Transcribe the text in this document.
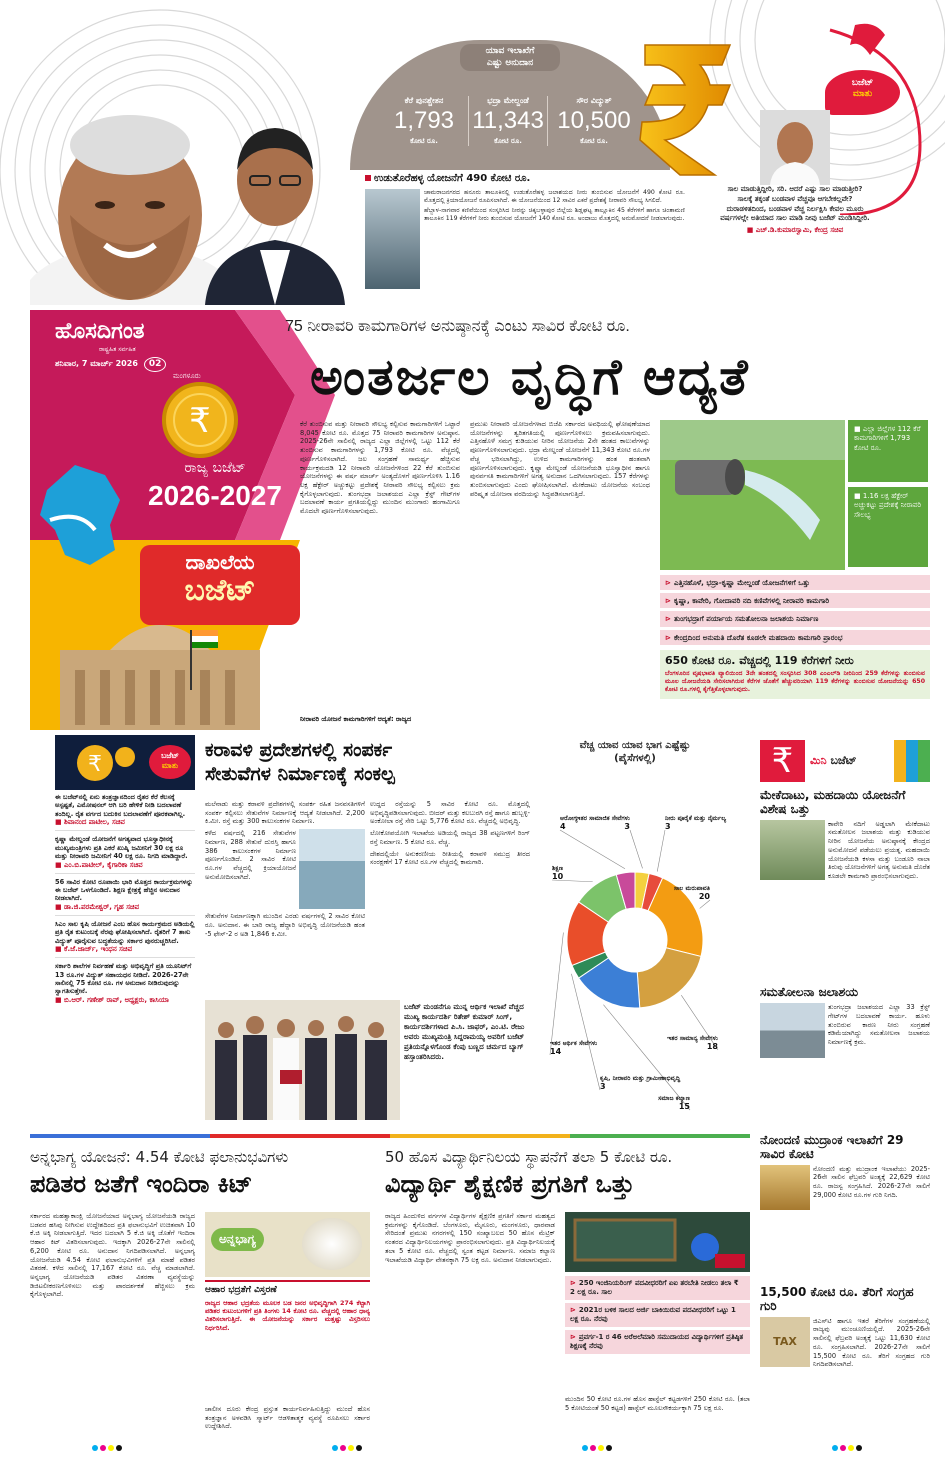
ಯಾವ ಇಲಾಖೆಗೆ
ಎಷ್ಟು ಅನುದಾನ
ಕೆರೆ ಪುನಶ್ಚೇತನ
1,793
ಕೋಟಿ ರೂ.
ಭದ್ರಾ ಮೇಲ್ದಂಡೆ
11,343
ಕೋಟಿ ರೂ.
ಸೌರ ವಿದ್ಯುತ್
10,500
ಕೋಟಿ ರೂ.
ಬಜೆಟ್
ಮಾತು
ಸಾಲ ಮಾಡುತ್ತಿದ್ದೀರಿ, ಸರಿ. ಆದರೆ ಎಷ್ಟು ಸಾಲ ಮಾಡುತ್ತೀರಿ? ಸಾಲಕ್ಕೆ ತಕ್ಕಂತೆ ಬಂಡವಾಳ ವೆಚ್ಚವೂ ಆಗಬೇಕಲ್ಲವೇ? ದುರಾಡಳಿತದಿಂದ, ಬಂಡವಾಳ ವೆಚ್ಚ ನಿರ್ಲಕ್ಷಿಸಿ ಕೇವಲ ಮೂರು ವರ್ಷಗಳಲ್ಲೇ ಅತಿಯಾದ ಸಾಲ ಮಾಡಿ ನೀವು ಬಜೆಟ್ ಮಂಡಿಸಿದ್ದೀರಿ.
■ ಎಚ್.ಡಿ.ಕುಮಾರಸ್ವಾಮಿ, ಕೇಂದ್ರ ಸಚಿವ
ಉಡುತೊರೆಹಳ್ಳ ಯೋಜನೆಗೆ 490 ಕೋಟಿ ರೂ.
ಚಾಮರಾಜನಗರದ ಹನೂರು ತಾಲೂಕಿನಲ್ಲಿ ಉಡುತೊರೆಹಳ್ಳ ಜಲಾಶಯದ ನೀರು ತುಂಬಿಸುವ ಯೋಜನೆಗೆ 490 ಕೋಟಿ ರೂ. ಮೊತ್ತದಲ್ಲಿ ಕ್ರಿಯಾಯೋಜನೆ ರೂಪಿಸಲಾಗಿದೆ. ಈ ಯೋಜನೆಯಿಂದ 12 ಸಾವಿರ ಎಕರೆ ಪ್ರದೇಶಕ್ಕೆ ನೀರಾವರಿ ಸೌಲಭ್ಯ ಸಿಗಲಿದೆ.
ಹೆಬ್ಬಾಳ-ನಾಗವಾರ ಕಣಿವೆಯಿಂದ ಸಂಸ್ಕರಿಸಿದ ನೀರನ್ನು ಚಿಕ್ಕಬಳ್ಳಾಪುರ ಜಿಲ್ಲೆಯ ಶಿಡ್ಲಘಟ್ಟ ತಾಲ್ಲೂಕಿನ 45 ಕೆರೆಗಳಿಗೆ ಹಾಗೂ ಚಿಂತಾಮಣಿ ತಾಲೂಕಿನ 119 ಕೆರೆಗಳಿಗೆ ನೀರು ತುಂಬಿಸುವ ಯೋಜನೆಗೆ 140 ಕೋಟಿ ರೂ. ಅಂದಾಜು ಮೊತ್ತದಲ್ಲಿ ಅನುಮೋದನೆ ನೀಡಲಾಗುವುದು.
ಹೊಸದಿಗಂತ
ರಾಷ್ಟ್ರಹಿತ ಸರ್ವಹಿತ
ಶನಿವಾರ, 7 ಮಾರ್ಚ್ 2026	02
ಮಂಗಳೂರು
₹
ರಾಜ್ಯ ಬಜೆಟ್
2026-2027
ದಾಖಲೆಯ
ಬಜೆಟ್
75 ನೀರಾವರಿ ಕಾಮಗಾರಿಗಳ ಅನುಷ್ಠಾನಕ್ಕೆ ಎಂಟು ಸಾವಿರ ಕೋಟಿ ರೂ.
ಅಂತರ್ಜಲ ವೃದ್ಧಿಗೆ ಆದ್ಯತೆ
ಕೆರೆ ತುಂಬಿಸುವ ಮತ್ತು ನೀರಾವರಿ ಸೌಲಭ್ಯ ಕಲ್ಪಿಸುವ ಕಾಮಗಾರಿಗಳಿಗೆ ಒಟ್ಟಾರೆ 8,045 ಕೋಟಿ ರೂ. ಮೊತ್ತದ 75 ನೀರಾವರಿ ಕಾಮಗಾರಿಗಳ ಅನುಷ್ಠಾನ. 2025-26ನೇ ಸಾಲಿನಲ್ಲಿ ರಾಜ್ಯದ ಎಲ್ಲಾ ಜಿಲ್ಲೆಗಳಲ್ಲಿ ಒಟ್ಟು 112 ಕೆರೆ ತುಂಬಿಸುವ ಕಾಮಗಾರಿಗಳನ್ನು 1,793 ಕೋಟಿ ರೂ. ವೆಚ್ಚದಲ್ಲಿ ಪೂರ್ಣಗೊಳಿಸಲಾಗಿದೆ. ಜಲ ಸಂಗ್ರಹಣೆ ಸಾಮರ್ಥ್ಯ ಹೆಚ್ಚಿಸುವ ಕಾರ್ಯಕ್ರಮದಡಿ 12 ನೀರಾವರಿ ಯೋಜನೆಗಳಿಂದ 22 ಕೆರೆ ತುಂಬಿಸುವ ಯೋಜನೆಗಳನ್ನು ಈ ವರ್ಷ ಮಾರ್ಚ್ ಅಂತ್ಯದೊಳಗೆ ಪೂರ್ಣಗೊಳಿಸಿ 1.16 ಲಕ್ಷ ಹೆಕ್ಟೇರ್ ಅಚ್ಚುಕಟ್ಟು ಪ್ರದೇಶಕ್ಕೆ ನೀರಾವರಿ ಸೌಲಭ್ಯ ಕಲ್ಪಿಸಲು ಕ್ರಮ ಕೈಗೊಳ್ಳಲಾಗುವುದು. ತುಂಗಭದ್ರಾ ಜಲಾಶಯದ ಎಲ್ಲಾ ಕ್ರೆಸ್ಟ್ ಗೇಟ್‌ಗಳ ಬದಲಾವಣೆ ಕಾರ್ಯ ಪ್ರಗತಿಯಲ್ಲಿದ್ದು ಮುಂದಿನ ಮುಂಗಾರು ಹಂಗಾಮಿಗೂ ಮೊದಲೇ ಪೂರ್ಣಗೊಳಿಸಲಾಗುವುದು.
ನೀರಾವರಿ ಯೋಜನೆ ಕಾಮಗಾರಿಗಳಿಗೆ ಆದ್ಯತೆ: ರಾಜ್ಯದ
ಪ್ರಮುಖ ನೀರಾವರಿ ಯೋಜನೆಗಳಾದ ಬಿಜೆಪಿ ಸರ್ಕಾರದ ಅವಧಿಯಲ್ಲಿ ಘೋಷಣೆಯಾದ ಯೋಜನೆಗಳನ್ನು ತ್ವರಿತಗತಿಯಲ್ಲಿ ಪೂರ್ಣಗೊಳಿಸಲು ಕ್ರಮವಹಿಸಲಾಗುವುದು. ಎತ್ತಿನಹೊಳೆ ಸಮಗ್ರ ಕುಡಿಯುವ ನೀರಿನ ಯೋಜನೆಯ 2ನೇ ಹಂತದ ಕಾಲುವೆಗಳನ್ನು ಪೂರ್ಣಗೊಳಿಸಲಾಗುವುದು. ಭದ್ರಾ ಮೇಲ್ದಂಡೆ ಯೋಜನೆಗೆ 11,343 ಕೋಟಿ ರೂ.ಗಳ ವೆಚ್ಚ ಭರಿಸಲಾಗಿದ್ದು, ಉಳಿದ ಕಾಮಗಾರಿಗಳನ್ನು ಹಂತ ಹಂತವಾಗಿ ಪೂರ್ಣಗೊಳಿಸಲಾಗುವುದು. ಕೃಷ್ಣಾ ಮೇಲ್ದಂಡೆ ಯೋಜನೆಯಡಿ ಭೂಸ್ವಾಧೀನ ಹಾಗೂ ಪುನರ್ವಸತಿ ಕಾಮಗಾರಿಗಳಿಗೆ ಅಗತ್ಯ ಅನುದಾನ ಒದಗಿಸಲಾಗುವುದು. 157 ಕೆರೆಗಳನ್ನು ತುಂಬಿಸಲಾಗುವುದು ಎಂದು ಘೋಷಿಸಲಾಗಿದೆ. ಮೇಕೆದಾಟು ಯೋಜನೆಯ ಸಂಬಂಧ ಪರಿಷ್ಕೃತ ಯೋಜನಾ ವರದಿಯನ್ನು ಸಿದ್ಧಪಡಿಸಲಾಗುತ್ತಿದೆ.
■ ಎಲ್ಲಾ ಜಿಲ್ಲೆಗಳ 112 ಕೆರೆ ಕಾಮಗಾರಿಗಳಿಗೆ 1,793 ಕೋಟಿ ರೂ.
■ 1.16 ಲಕ್ಷ ಹೆಕ್ಟೇರ್ ಅಚ್ಚುಕಟ್ಟು ಪ್ರದೇಶಕ್ಕೆ ನೀರಾವರಿ ಸೌಲಭ್ಯ
⊳ ಎತ್ತಿನಹೊಳೆ, ಭದ್ರಾ-ಕೃಷ್ಣಾ ಮೇಲ್ದಂಡೆ ಯೋಜನೆಗಳಿಗೆ ಒತ್ತು
⊳ ಕೃಷ್ಣಾ, ಕಾವೇರಿ, ಗೋದಾವರಿ ನದಿ ಕಣಿವೆಗಳಲ್ಲಿ ನೀರಾವರಿ ಕಾಮಗಾರಿ
⊳ ತುಂಗಭದ್ರಾಗೆ ಪರ್ಯಾಯ ಸಮತೋಲನಾ ಜಲಾಶಯ ನಿರ್ಮಾಣ
⊳ ಕೇಂದ್ರದಿಂದ ಅನುಮತಿ ದೊರೆತ ಕೂಡಲೇ ಮಹದಾಯಿ ಕಾಮಗಾರಿ ಪ್ರಾರಂಭ
650 ಕೋಟಿ ರೂ. ವೆಚ್ಚದಲ್ಲಿ 119 ಕೆರೆಗಳಿಗೆ ನೀರು
ಬೆಂಗಳೂರಿನ ವೃಷಭಾವತಿ ವ್ಯಾಲಿಯಿಂದ 3ನೇ ಹಂತದಲ್ಲಿ ಸಂಸ್ಕರಿಸಿದ 308 ಎಂಎಲ್‌ಡಿ ನೀರಿನಿಂದ 259 ಕೆರೆಗಳನ್ನು ತುಂಬಿಸುವ ಮೂಲ ಯೋಜನೆಯಡಿ ಸೇರಿಸಲಾಗಿರುವ ಕೆರೆಗಳ ಜೊತೆಗೆ ಹೆಚ್ಚುವರಿಯಾಗಿ 119 ಕೆರೆಗಳನ್ನು ತುಂಬಿಸುವ ಯೋಜನೆಯನ್ನು 650 ಕೋಟಿ ರೂ.ಗಳಲ್ಲಿ ಕೈಗೆತ್ತಿಕೊಳ್ಳಲಾಗುವುದು.
₹	ಬಜೆಟ್
ಮಾತು
ಈ ಬಜೆಟ್‌ನಲ್ಲಿ ಏನು ತಂತ್ರಜ್ಞಾನದಿಂದ ರೈತರ ಕೆರೆ ಕೆಲಸಕ್ಕೆ ಅಸ್ಪಷ್ಟತೆ, ಎಮೋಷನಲ್ ಆಗಿ ಬರಿ ಹೇಳಿಕೆ ನೀಡಿ ಬದಲಾವಣೆ ತಂದಿಲ್ಲ. ರೈತ ವರ್ಗದ ಬದುಕಿನ ಬದಲಾವಣೆಗೆ ಪೂರಕವಾಗಿಲ್ಲ.
■ ಶಿವಾನಂದ ಪಾಟೀಲ, ಸಚಿವ
ಕೃಷ್ಣಾ ಮೇಲ್ದಂಡೆ ಯೋಜನೆಗೆ ಅಗತ್ಯವಾದ ಭೂಸ್ವಾಧೀನಕ್ಕೆ ಮುಖ್ಯಮಂತ್ರಿಗಳು ಪ್ರತಿ ಎಕರೆ ಖುಷ್ಕಿ ಜಮೀನಿಗೆ 30 ಲಕ್ಷ ರೂ ಮತ್ತು ನೀರಾವರಿ ಜಮೀನಿಗೆ 40 ಲಕ್ಷ ರೂ. ನಿಗದಿ ಮಾಡಿದ್ದಾರೆ.
■ ಎಂ.ಬಿ.ಪಾಟೀಲ್, ಕೈಗಾರಿಕಾ ಸಚಿವ
56 ಸಾವಿರ ಕೋಟಿ ರೂಪಾಯಿ ಭಾರಿ ಮೊತ್ತದ ಕಾರ್ಯಕ್ರಮಗಳನ್ನು ಈ ಬಜೆಟ್ ಒಳಗೊಂಡಿದೆ. ಶಿಕ್ಷಣ ಕ್ಷೇತ್ರಕ್ಕೆ ಹೆಚ್ಚಿನ ಅನುದಾನ ನೀಡಲಾಗಿದೆ.
■ ಡಾ.ಜಿ.ಪರಮೇಶ್ವರ್, ಗೃಹ ಸಚಿವ
ಸಿಎಂ ಸಾಲ ಕೃಷಿ ಯೋಜನೆ ಎಂಬ ಹೊಸ ಕಾರ್ಯಕ್ರಮದ ಅಡಿಯಲ್ಲಿ ಪ್ರತಿ ರೈತ ಕುಟುಂಬಕ್ಕೆ ನೆರವು ಘೋಷಿಸಲಾಗಿದೆ. ರೈತರಿಗೆ 7 ತಾಸು ವಿದ್ಯುತ್ ಪೂರೈಸುವ ಬದ್ಧತೆಯನ್ನು ಸರ್ಕಾರ ಪುನರುಚ್ಚರಿಸಿದೆ.
■ ಕೆ.ಜೆ.ಜಾರ್ಜ್, ಇಂಧನ ಸಚಿವ
ಸರ್ಕಾರಿ ಶಾಲೆಗಳ ನಿರ್ವಹಣೆ ಮತ್ತು ಅಭಿವೃದ್ಧಿಗೆ ಪ್ರತಿ ಯೂನಿಟ್‌ಗೆ 13 ರೂ.ಗಳ ವಿದ್ಯುತ್ ಸಹಾಯಧನ ನೀಡಿದೆ. 2026-27ನೇ ಸಾಲಿನಲ್ಲಿ 75 ಕೋಟಿ ರೂ. ಗಳ ಅನುದಾನ ನೀಡಿರುವುದನ್ನು ಸ್ವಾಗತಿಸುತ್ತೇನೆ.
■ ಬಿ.ಆರ್. ಗಣೇಶ್ ರಾವ್, ಅಧ್ಯಕ್ಷರು, ಕಾಸಿಯಾ
ಕರಾವಳಿ ಪ್ರದೇಶಗಳಲ್ಲಿ ಸಂಪರ್ಕ
ಸೇತುವೆಗಳ ನಿರ್ಮಾಣಕ್ಕೆ ಸಂಕಲ್ಪ
ಮಲೆನಾಡು ಮತ್ತು ಕರಾವಳಿ ಪ್ರದೇಶಗಳಲ್ಲಿ ಸಂಪರ್ಕ ರಹಿತ ಜನವಸತಿಗಳಿಗೆ ಸಂಪರ್ಕ ಕಲ್ಪಿಸಲು ಸೇತುವೆಗಳ ನಿರ್ಮಾಣಕ್ಕೆ ಆದ್ಯತೆ ನೀಡಲಾಗಿದೆ. 2,200 ಕಿ.ಮೀ. ರಸ್ತೆ ಮತ್ತು 300 ಕಾಲುಸಂಕಗಳ ನಿರ್ಮಾಣ.
ಕಳೆದ ವರ್ಷದಲ್ಲಿ 216 ಸೇತುವೆಗಳ ನಿರ್ಮಾಣ, 288 ಸೇತುವೆ ದುರಸ್ತಿ ಹಾಗೂ 386 ಕಾಲುಸಂಕಗಳ ನಿರ್ಮಾಣ ಪೂರ್ಣಗೊಂಡಿದೆ. 2 ಸಾವಿರ ಕೋಟಿ ರೂ.ಗಳ ವೆಚ್ಚದಲ್ಲಿ ಕ್ರಿಯಾಯೋಜನೆ ಅನುಮೋದಿಸಲಾಗಿದೆ.
ಸೇತುವೆಗಳ ನಿರ್ಮಾಣಕ್ಕಾಗಿ ಮುಂದಿನ ಎರಡು ವರ್ಷಗಳಲ್ಲಿ 2 ಸಾವಿರ ಕೋಟಿ ರೂ. ಅನುದಾನ. ಈ ಬಾರಿ ರಾಜ್ಯ ಹೆದ್ದಾರಿ ಅಭಿವೃದ್ಧಿ ಯೋಜನೆಯಡಿ ಹಂತ -5 ಫೇಸ್-2 ರ ಅಡಿ 1,846 ಕಿ.ಮೀ.
ಉದ್ದದ ರಸ್ತೆಯನ್ನು 5 ಸಾವಿರ ಕೋಟಿ ರೂ. ಮೊತ್ತದಲ್ಲಿ ಅಭಿವೃದ್ಧಿಪಡಿಸಲಾಗುವುದು. ಬೀದರ್ ಮತ್ತು ಕಲಬುರಗಿ ರಸ್ತೆ ಹಾಗೂ ಹುಬ್ಬಳ್ಳಿ-ಅಂಕೋಲಾ ರಸ್ತೆ ಸೇರಿ ಒಟ್ಟು 5,776 ಕೋಟಿ ರೂ. ವೆಚ್ಚದಲ್ಲಿ ಅಭಿವೃದ್ಧಿ.
ಲೋಕೋಪಯೋಗಿ ಇಲಾಖೆಯ ಅಡಿಯಲ್ಲಿ ರಾಜ್ಯದ 38 ಪಟ್ಟಣಗಳಿಗೆ ರಿಂಗ್ ರಸ್ತೆ ನಿರ್ಮಾಣ. 5 ಕೋಟಿ ರೂ. ವೆಚ್ಚ.
ದೇಶದಲ್ಲಿಯೇ ಅನುಕರಣೀಯ ರೀತಿಯಲ್ಲಿ ಕರಾವಳಿ ಸಮುದ್ರ ತೀರದ ಸಂರಕ್ಷಣೆಗೆ 17 ಕೋಟಿ ರೂ.ಗಳ ವೆಚ್ಚದಲ್ಲಿ ಕಾಮಗಾರಿ.
ಬಜೆಟ್ ಮಂಡನೆಗೂ ಮುನ್ನ ಆರ್ಥಿಕ ಇಲಾಖೆ ವೆಚ್ಚದ ಮುಖ್ಯ ಕಾರ್ಯದರ್ಶಿ ರಿತೇಶ್ ಕುಮಾರ್ ಸಿಂಗ್, ಕಾರ್ಯದರ್ಶಿಗಳಾದ ಪಿ.ಸಿ. ಜಾಫರ್, ಎಂ.ಟಿ. ರೇಜು ಅವರು ಮುಖ್ಯಮಂತ್ರಿ ಸಿದ್ದರಾಮಯ್ಯ ಅವರಿಗೆ ಬಜೆಟ್ ಪ್ರತಿಯನ್ನೊಳಗೊಂಡ ಕೆಂಪು ಬಣ್ಣದ ಚರ್ಮದ ಬ್ಯಾಗ್ ಹಸ್ತಾಂತರಿಸಿದರು.
ವೆಚ್ಚ ಯಾವ ಯಾವ ಭಾಗ ಎಷ್ಟೆಷ್ಟು (ಪೈಸೆಗಳಲ್ಲಿ)
ಇತರ ಸಾಮಾಜಿಕ ಸೇವೆಗಳು
3
ನೀರು ಪೂರೈಕೆ ಮತ್ತು ನೈರ್ಮಲ್ಯ
3
ಸಾಲ ಮರುಪಾವತಿ
20
ಇತರ ಸಾಮಾನ್ಯ ಸೇವೆಗಳು
18
ಸಮಾಜ ಕಲ್ಯಾಣ
15
ಕೃಷಿ, ನೀರಾವರಿ ಮತ್ತು ಗ್ರಾಮೀಣಾಭಿವೃದ್ಧಿ
3
ಇತರ ಆರ್ಥಿಕ ಸೇವೆಗಳು
14
ಶಿಕ್ಷಣ
10
ಆರೋಗ್ಯ
4
₹	ಮಿನಿ
ಬಜೆಟ್
ಮೇಕೆದಾಟು, ಮಹದಾಯಿ ಯೋಜನೆಗೆ ವಿಶೇಷ ಒತ್ತು
ಕಾವೇರಿ ನದಿಗೆ ಅಡ್ಡಲಾಗಿ ಮೇಕೆದಾಟು ಸಮತೋಲನ ಜಲಾಶಯ ಮತ್ತು ಕುಡಿಯುವ ನೀರಿನ ಯೋಜನೆಯ ಅನುಷ್ಠಾನಕ್ಕೆ ಕೇಂದ್ರದ ಅನುಮೋದನೆ ಪಡೆಯಲು ಪ್ರಯತ್ನ. ಮಹದಾಯಿ ಯೋಜನೆಯಡಿ ಕಳಸಾ ಮತ್ತು ಬಂಡೂರಿ ನಾಲಾ ತಿರುವು ಯೋಜನೆಗಳಿಗೆ ಅಗತ್ಯ ಅನುಮತಿ ದೊರೆತ ಕೂಡಲೇ ಕಾಮಗಾರಿ ಪ್ರಾರಂಭಿಸಲಾಗುವುದು.
ಸಮತೋಲನಾ ಜಲಾಶಯ
ತುಂಗಭದ್ರಾ ಜಲಾಶಯದ ಎಲ್ಲಾ 33 ಕ್ರೆಸ್ಟ್ ಗೇಟ್‌ಗಳ ಬದಲಾವಣೆ ಕಾರ್ಯ. ಹೂಳು ತುಂಬಿರುವ ಕಾರಣ ನೀರು ಸಂಗ್ರಹಣೆ ಕಡಿಮೆಯಾಗಿದ್ದು ಸಮತೋಲನಾ ಜಲಾಶಯ ನಿರ್ಮಾಣಕ್ಕೆ ಕ್ರಮ.
ನೋಂದಣಿ ಮುದ್ರಾಂಕ ಇಲಾಖೆಗೆ 29 ಸಾವಿರ ಕೋಟಿ
ನೋಂದಣಿ ಮತ್ತು ಮುದ್ರಾಂಕ ಇಲಾಖೆಯು 2025-26ನೇ ಸಾಲಿನ ಫೆಬ್ರವರಿ ಅಂತ್ಯಕ್ಕೆ 22,629 ಕೋಟಿ ರೂ. ರಾಜಸ್ವ ಸಂಗ್ರಹಿಸಿದೆ. 2026-27ನೇ ಸಾಲಿಗೆ 29,000 ಕೋಟಿ ರೂ.ಗಳ ಗುರಿ ನಿಗದಿ.
15,500 ಕೋಟಿ ರೂ. ತೆರಿಗೆ ಸಂಗ್ರಹ ಗುರಿ
TAX
ಜಿಎಸ್‌ಟಿ ಹಾಗೂ ಇತರೆ ತೆರಿಗೆಗಳ ಸಂಗ್ರಹಣೆಯಲ್ಲಿ ರಾಜ್ಯವು ಮುಂಚೂಣಿಯಲ್ಲಿದೆ. 2025-26ನೇ ಸಾಲಿನಲ್ಲಿ ಫೆಬ್ರವರಿ ಅಂತ್ಯಕ್ಕೆ ಒಟ್ಟು 11,630 ಕೋಟಿ ರೂ. ಸಂಗ್ರಹಿಸಲಾಗಿದೆ. 2026-27ನೇ ಸಾಲಿಗೆ 15,500 ಕೋಟಿ ರೂ. ತೆರಿಗೆ ಸಂಗ್ರಹದ ಗುರಿ ನಿಗದಿಪಡಿಸಲಾಗಿದೆ.
ಅನ್ನಭಾಗ್ಯ ಯೋಜನೆ: 4.54 ಕೋಟಿ ಫಲಾನುಭವಿಗಳು
ಪಡಿತರ ಜತೆಗೆ ಇಂದಿರಾ ಕಿಟ್
ಸರ್ಕಾರದ ಮಹತ್ವಾಕಾಂಕ್ಷಿ ಯೋಜನೆಯಾದ ಅನ್ನಭಾಗ್ಯ ಯೋಜನೆಯಡಿ ರಾಜ್ಯದ ಬಡವರ ಹಸಿವು ನೀಗಿಸುವ ಉದ್ದೇಶದಿಂದ ಪ್ರತಿ ಫಲಾನುಭವಿಗೆ ಉಚಿತವಾಗಿ 10 ಕೆ.ಜಿ ಅಕ್ಕಿ ನೀಡಲಾಗುತ್ತಿದೆ. ಇದರ ಬದಲಾಗಿ 5 ಕೆ.ಜಿ ಅಕ್ಕಿ ಜೊತೆಗೆ ಇಂದಿರಾ ಆಹಾರ ಕಿಟ್ ವಿತರಿಸಲಾಗುವುದು. ಇದಕ್ಕಾಗಿ 2026-27ನೇ ಸಾಲಿನಲ್ಲಿ 6,200 ಕೋಟಿ ರೂ. ಅನುದಾನ ನಿಗದಿಪಡಿಸಲಾಗಿದೆ. ಅನ್ನಭಾಗ್ಯ ಯೋಜನೆಯಡಿ 4.54 ಕೋಟಿ ಫಲಾನುಭವಿಗಳಿಗೆ ಪ್ರತಿ ಮಾಹೆ ಪಡಿತರ ವಿತರಣೆ. ಕಳೆದ ಸಾಲಿನಲ್ಲಿ 17,167 ಕೋಟಿ ರೂ. ವೆಚ್ಚ ಮಾಡಲಾಗಿದೆ. ಅನ್ನಭಾಗ್ಯ ಯೋಜನೆಯಡಿ ಪಡಿತರ ವಿತರಣಾ ವ್ಯವಸ್ಥೆಯನ್ನು ಡಿಜಿಟಲೀಕರಣಗೊಳಿಸಲು ಮತ್ತು ಪಾರದರ್ಶಕತೆ ಹೆಚ್ಚಿಸಲು ಕ್ರಮ ಕೈಗೊಳ್ಳಲಾಗಿದೆ.
ಅನ್ನಭಾಗ್ಯ
ಆಹಾರ ಭದ್ರತೆಗೆ ವಿಸ್ತರಣೆ
ರಾಜ್ಯದ ಆಹಾರ ಭದ್ರತೆಯ ಮೂಲಕ ಬಡ ಜನರ ಅಭಿವೃದ್ಧಿಗಾಗಿ 274 ಕೆಟ್ಟಾಗಿ ಪಡಿತರ ಕುಟುಂಬಗಳಿಗೆ ಪ್ರತಿ ತಿಂಗಳು 14 ಕೋಟಿ ರೂ. ವೆಚ್ಚದಲ್ಲಿ ಆಹಾರ ಧಾನ್ಯ ವಿತರಿಸಲಾಗುತ್ತಿದೆ. ಈ ಯೋಜನೆಯನ್ನು ಸರ್ಕಾರ ಮತ್ತಷ್ಟು ವಿಸ್ತರಿಸಲು ನಿರ್ಧರಿಸಿದೆ.
ಚಾಲೀಸ ದೂರು ಕೇಂದ್ರ ಪ್ರಸ್ತುತ ಕಾರ್ಯನಿರ್ವಹಿಸುತ್ತಿದ್ದು ಮುಂದೆ ಹೊಸ ತಂತ್ರಜ್ಞಾನ ಅಳವಡಿಸಿ ಸ್ಮಾರ್ಟ್ ಆಡಳಿತಾತ್ಮಕ ವ್ಯವಸ್ಥೆ ರೂಪಿಸಲು ಸರ್ಕಾರ ಉದ್ದೇಶಿಸಿದೆ.
50 ಹೊಸ ವಿದ್ಯಾರ್ಥಿನಿಲಯ ಸ್ಥಾಪನೆಗೆ ತಲಾ 5 ಕೋಟಿ ರೂ.
ವಿದ್ಯಾರ್ಥಿ ಶೈಕ್ಷಣಿಕ ಪ್ರಗತಿಗೆ ಒತ್ತು
ರಾಜ್ಯದ ಹಿಂದುಳಿದ ವರ್ಗಗಳ ವಿದ್ಯಾರ್ಥಿಗಳ ಶೈಕ್ಷಣಿಕ ಪ್ರಗತಿಗೆ ಸರ್ಕಾರ ಮಹತ್ವದ ಕ್ರಮಗಳನ್ನು ಕೈಗೊಂಡಿದೆ. ಬೆಂಗಳೂರು, ಮೈಸೂರು, ಮಂಗಳೂರು, ಧಾರವಾಡ ಸೇರಿದಂತೆ ಪ್ರಮುಖ ನಗರಗಳಲ್ಲಿ 150 ಸಂಖ್ಯಾಬಲದ 50 ಹೊಸ ಮೆಟ್ರಿಕ್ ನಂತರದ ವಿದ್ಯಾರ್ಥಿನಿಲಯಗಳನ್ನು ಪ್ರಾರಂಭಿಸಲಾಗುವುದು. ಪ್ರತಿ ವಿದ್ಯಾರ್ಥಿನಿಲಯಕ್ಕೆ ತಲಾ 5 ಕೋಟಿ ರೂ. ವೆಚ್ಚದಲ್ಲಿ ಸ್ವಂತ ಕಟ್ಟಡ ನಿರ್ಮಾಣ. ಸಮಾಜ ಕಲ್ಯಾಣ ಇಲಾಖೆಯಡಿ ವಿದ್ಯಾರ್ಥಿ ವೇತನಕ್ಕಾಗಿ 75 ಲಕ್ಷ ರೂ. ಅನುದಾನ ನೀಡಲಾಗುವುದು.
⊳ 250 ಇಂಜಿನಿಯರಿಂಗ್ ಪದವೀಧರರಿಗೆ ಏಐ ತರಬೇತಿ ನೀಡಲು ತಲಾ ₹ 2 ಲಕ್ಷ ರೂ. ಸಾಲ
⊳ 2021ರ ಬಳಿಕ ಸಾಲದ ಅರ್ಜಿ ಬಾಕಿಯಿರುವ ಪದವೀಧರರಿಗೆ ಒಟ್ಟು 1 ಲಕ್ಷ ರೂ. ನೆರವು
⊳ ಪ್ರವರ್ಗ-1 ರ 46 ಅರೆಅಲೆಮಾರಿ ಸಮುದಾಯದ ವಿದ್ಯಾರ್ಥಿಗಳಿಗೆ ಪ್ರತಿಷ್ಠಿತ ಶಿಕ್ಷಣಕ್ಕೆ ನೆರವು
ಮುಂದಿನ 50 ಕೋಟಿ ರೂ.ಗಳ ಹೊಸ ಹಾಸ್ಟೆಲ್ ಕಟ್ಟಡಗಳಿಗೆ 250 ಕೋಟಿ ರೂ. (ತಲಾ 5 ಕೋಟಿಯಂತೆ 50 ಕಟ್ಟಡ) ಹಾಸ್ಟೆಲ್ ಮೂಲಸೌಕರ್ಯಕ್ಕಾಗಿ 75 ಲಕ್ಷ ರೂ.
